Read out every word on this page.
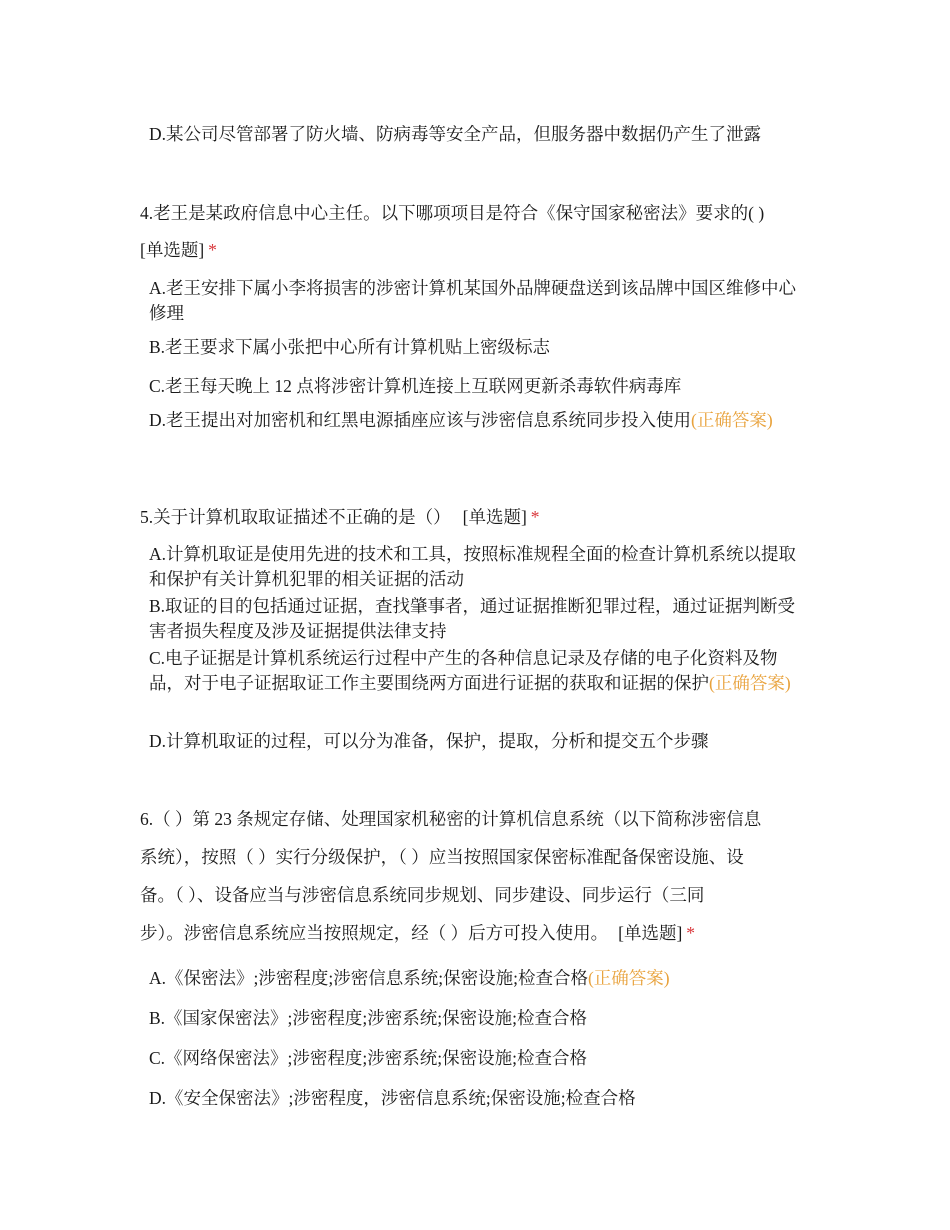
D.某公司尽管部署了防火墙、防病毒等安全产品，但服务器中数据仍产生了泄露
4.老王是某政府信息中心主任。以下哪项项目是符合《保守国家秘密法》要求的( )
[单选题] *
A.老王安排下属小李将损害的涉密计算机某国外品牌硬盘送到该品牌中国区维修中心修理
B.老王要求下属小张把中心所有计算机贴上密级标志
C.老王每天晚上 12 点将涉密计算机连接上互联网更新杀毒软件病毒库
D.老王提出对加密机和红黑电源插座应该与涉密信息系统同步投入使用(正确答案)
5.关于计算机取取证描述不正确的是（） [单选题] *
A.计算机取证是使用先进的技术和工具，按照标准规程全面的检查计算机系统以提取和保护有关计算机犯罪的相关证据的活动
B.取证的目的包括通过证据，查找肇事者，通过证据推断犯罪过程，通过证据判断受害者损失程度及涉及证据提供法律支持
C.电子证据是计算机系统运行过程中产生的各种信息记录及存储的电子化资料及物品，对于电子证据取证工作主要围绕两方面进行证据的获取和证据的保护(正确答案)
D.计算机取证的过程，可以分为准备，保护，提取，分析和提交五个步骤
6.（ ）第 23 条规定存储、处理国家机秘密的计算机信息系统（以下简称涉密信息
系统），按照（ ）实行分级保护，（ ）应当按照国家保密标准配备保密设施、设
备。（ ）、设备应当与涉密信息系统同步规划、同步建设、同步运行（三同
步）。涉密信息系统应当按照规定，经（ ）后方可投入使用。 [单选题] *
A.《保密法》;涉密程度;涉密信息系统;保密设施;检查合格(正确答案)
B.《国家保密法》;涉密程度;涉密系统;保密设施;检查合格
C.《网络保密法》;涉密程度;涉密系统;保密设施;检查合格
D.《安全保密法》;涉密程度，涉密信息系统;保密设施;检查合格
